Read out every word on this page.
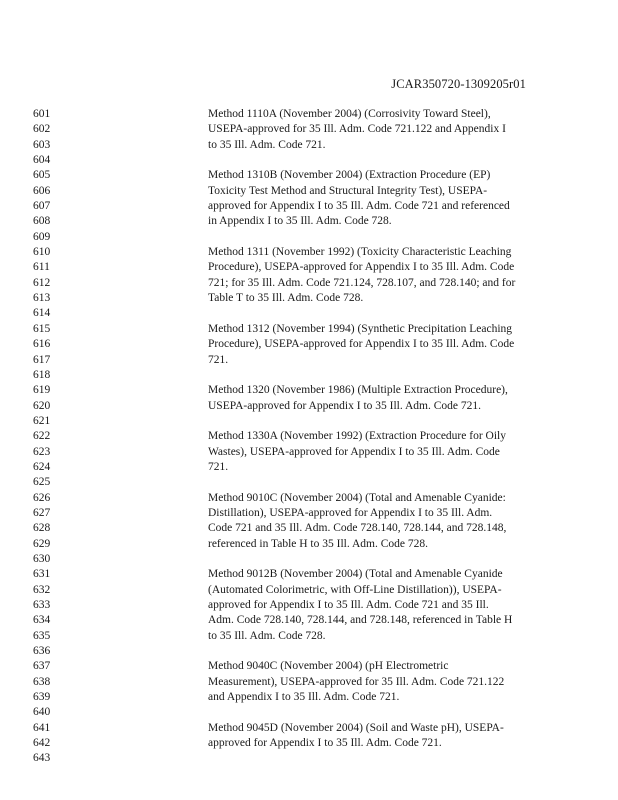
JCAR350720-1309205r01
601
602
603
604
605
606
607
608
609
610
611
612
613
614
615
616
617
618
619
620
621
622
623
624
625
626
627
628
629
630
631
632
633
634
635
636
637
638
639
640
641
642
643
Method 1110A (November 2004) (Corrosivity Toward Steel),
USEPA-approved for 35 Ill. Adm. Code 721.122 and Appendix I
to 35 Ill. Adm. Code 721.
Method 1310B (November 2004) (Extraction Procedure (EP)
Toxicity Test Method and Structural Integrity Test), USEPA-
approved for Appendix I to 35 Ill. Adm. Code 721 and referenced
in Appendix I to 35 Ill. Adm. Code 728.
Method 1311 (November 1992) (Toxicity Characteristic Leaching
Procedure), USEPA-approved for Appendix I to 35 Ill. Adm. Code
721; for 35 Ill. Adm. Code 721.124, 728.107, and 728.140; and for
Table T to 35 Ill. Adm. Code 728.
Method 1312 (November 1994) (Synthetic Precipitation Leaching
Procedure), USEPA-approved for Appendix I to 35 Ill. Adm. Code
721.
Method 1320 (November 1986) (Multiple Extraction Procedure),
USEPA-approved for Appendix I to 35 Ill. Adm. Code 721.
Method 1330A (November 1992) (Extraction Procedure for Oily
Wastes), USEPA-approved for Appendix I to 35 Ill. Adm. Code
721.
Method 9010C (November 2004) (Total and Amenable Cyanide:
Distillation), USEPA-approved for Appendix I to 35 Ill. Adm.
Code 721 and 35 Ill. Adm. Code 728.140, 728.144, and 728.148,
referenced in Table H to 35 Ill. Adm. Code 728.
Method 9012B (November 2004) (Total and Amenable Cyanide
(Automated Colorimetric, with Off-Line Distillation)), USEPA-
approved for Appendix I to 35 Ill. Adm. Code 721 and 35 Ill.
Adm. Code 728.140, 728.144, and 728.148, referenced in Table H
to 35 Ill. Adm. Code 728.
Method 9040C (November 2004) (pH Electrometric
Measurement), USEPA-approved for 35 Ill. Adm. Code 721.122
and Appendix I to 35 Ill. Adm. Code 721.
Method 9045D (November 2004) (Soil and Waste pH), USEPA-
approved for Appendix I to 35 Ill. Adm. Code 721.
